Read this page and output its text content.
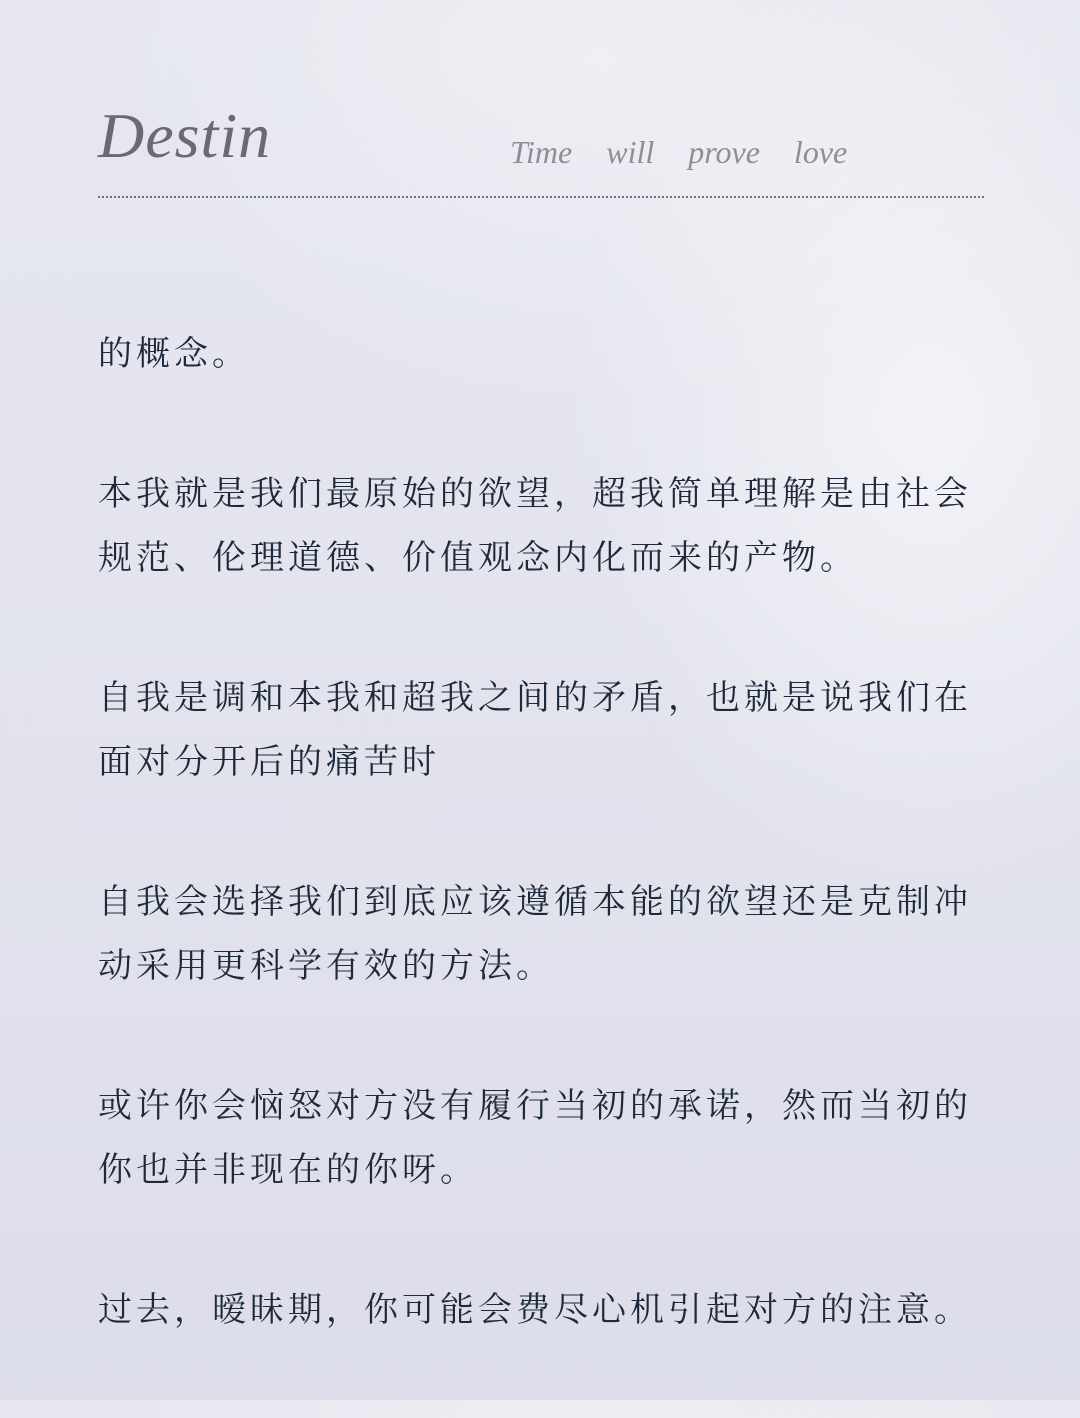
Destin	Time will prove love

的概念。

本我就是我们最原始的欲望，超我简单理解是由社会规范、伦理道德、价值观念内化而来的产物。

自我是调和本我和超我之间的矛盾，也就是说我们在面对分开后的痛苦时

自我会选择我们到底应该遵循本能的欲望还是克制冲动采用更科学有效的方法。

或许你会恼怒对方没有履行当初的承诺，然而当初的你也并非现在的你呀。

过去，暧昧期，你可能会费尽心机引起对方的注意。
